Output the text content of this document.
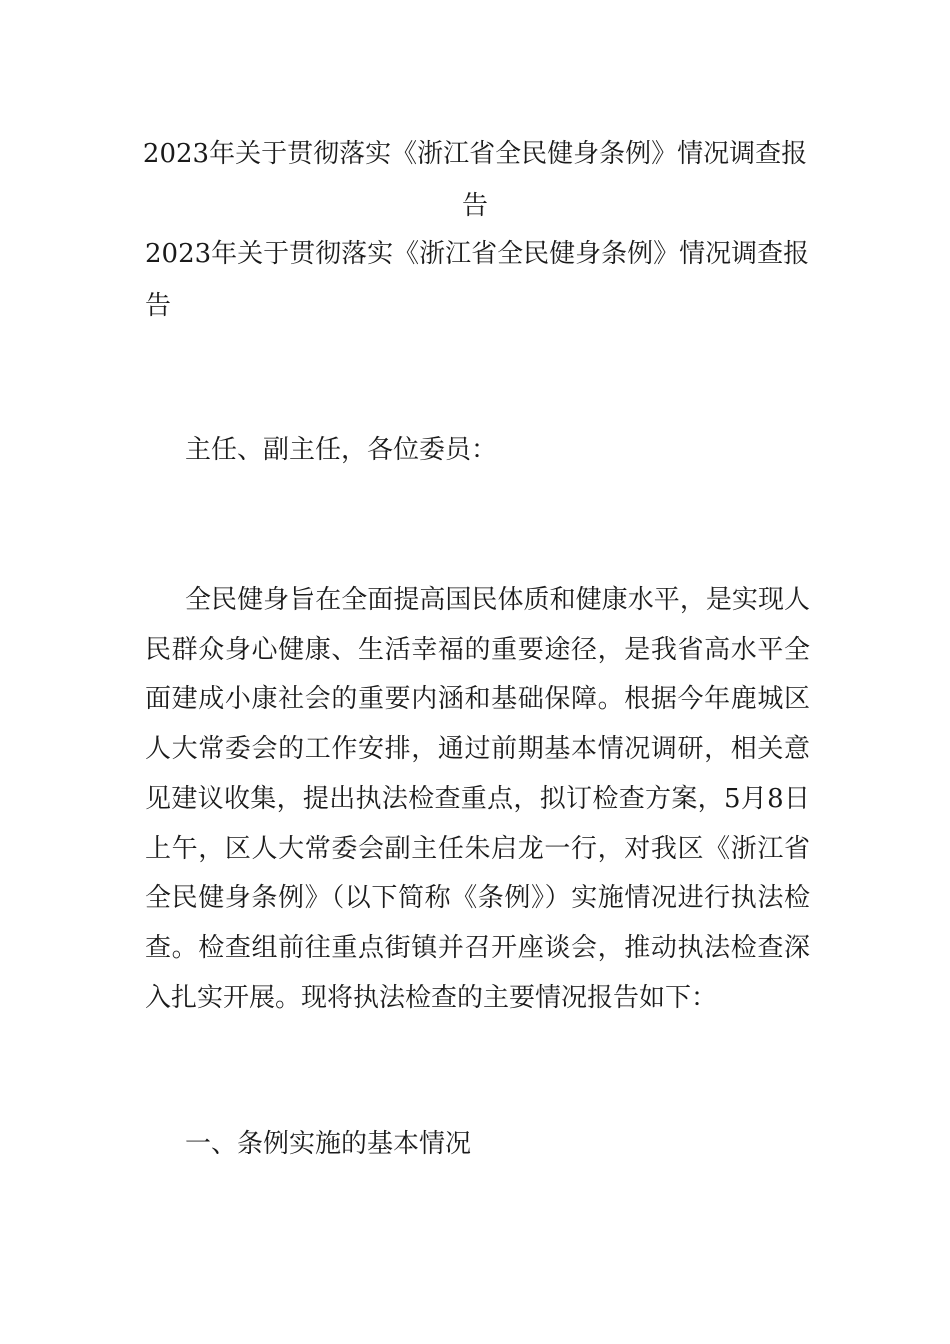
2023年关于贯彻落实《浙江省全民健身条例》情况调查报告

2023年关于贯彻落实《浙江省全民健身条例》情况调查报告

主任、副主任，各位委员：

全民健身旨在全面提高国民体质和健康水平，是实现人民群众身心健康、生活幸福的重要途径，是我省高水平全面建成小康社会的重要内涵和基础保障。根据今年鹿城区人大常委会的工作安排，通过前期基本情况调研，相关意见建议收集，提出执法检查重点，拟订检查方案，5月8日上午，区人大常委会副主任朱启龙一行，对我区《浙江省全民健身条例》（以下简称《条例》）实施情况进行执法检查。检查组前往重点街镇并召开座谈会，推动执法检查深入扎实开展。现将执法检查的主要情况报告如下：

一、条例实施的基本情况
